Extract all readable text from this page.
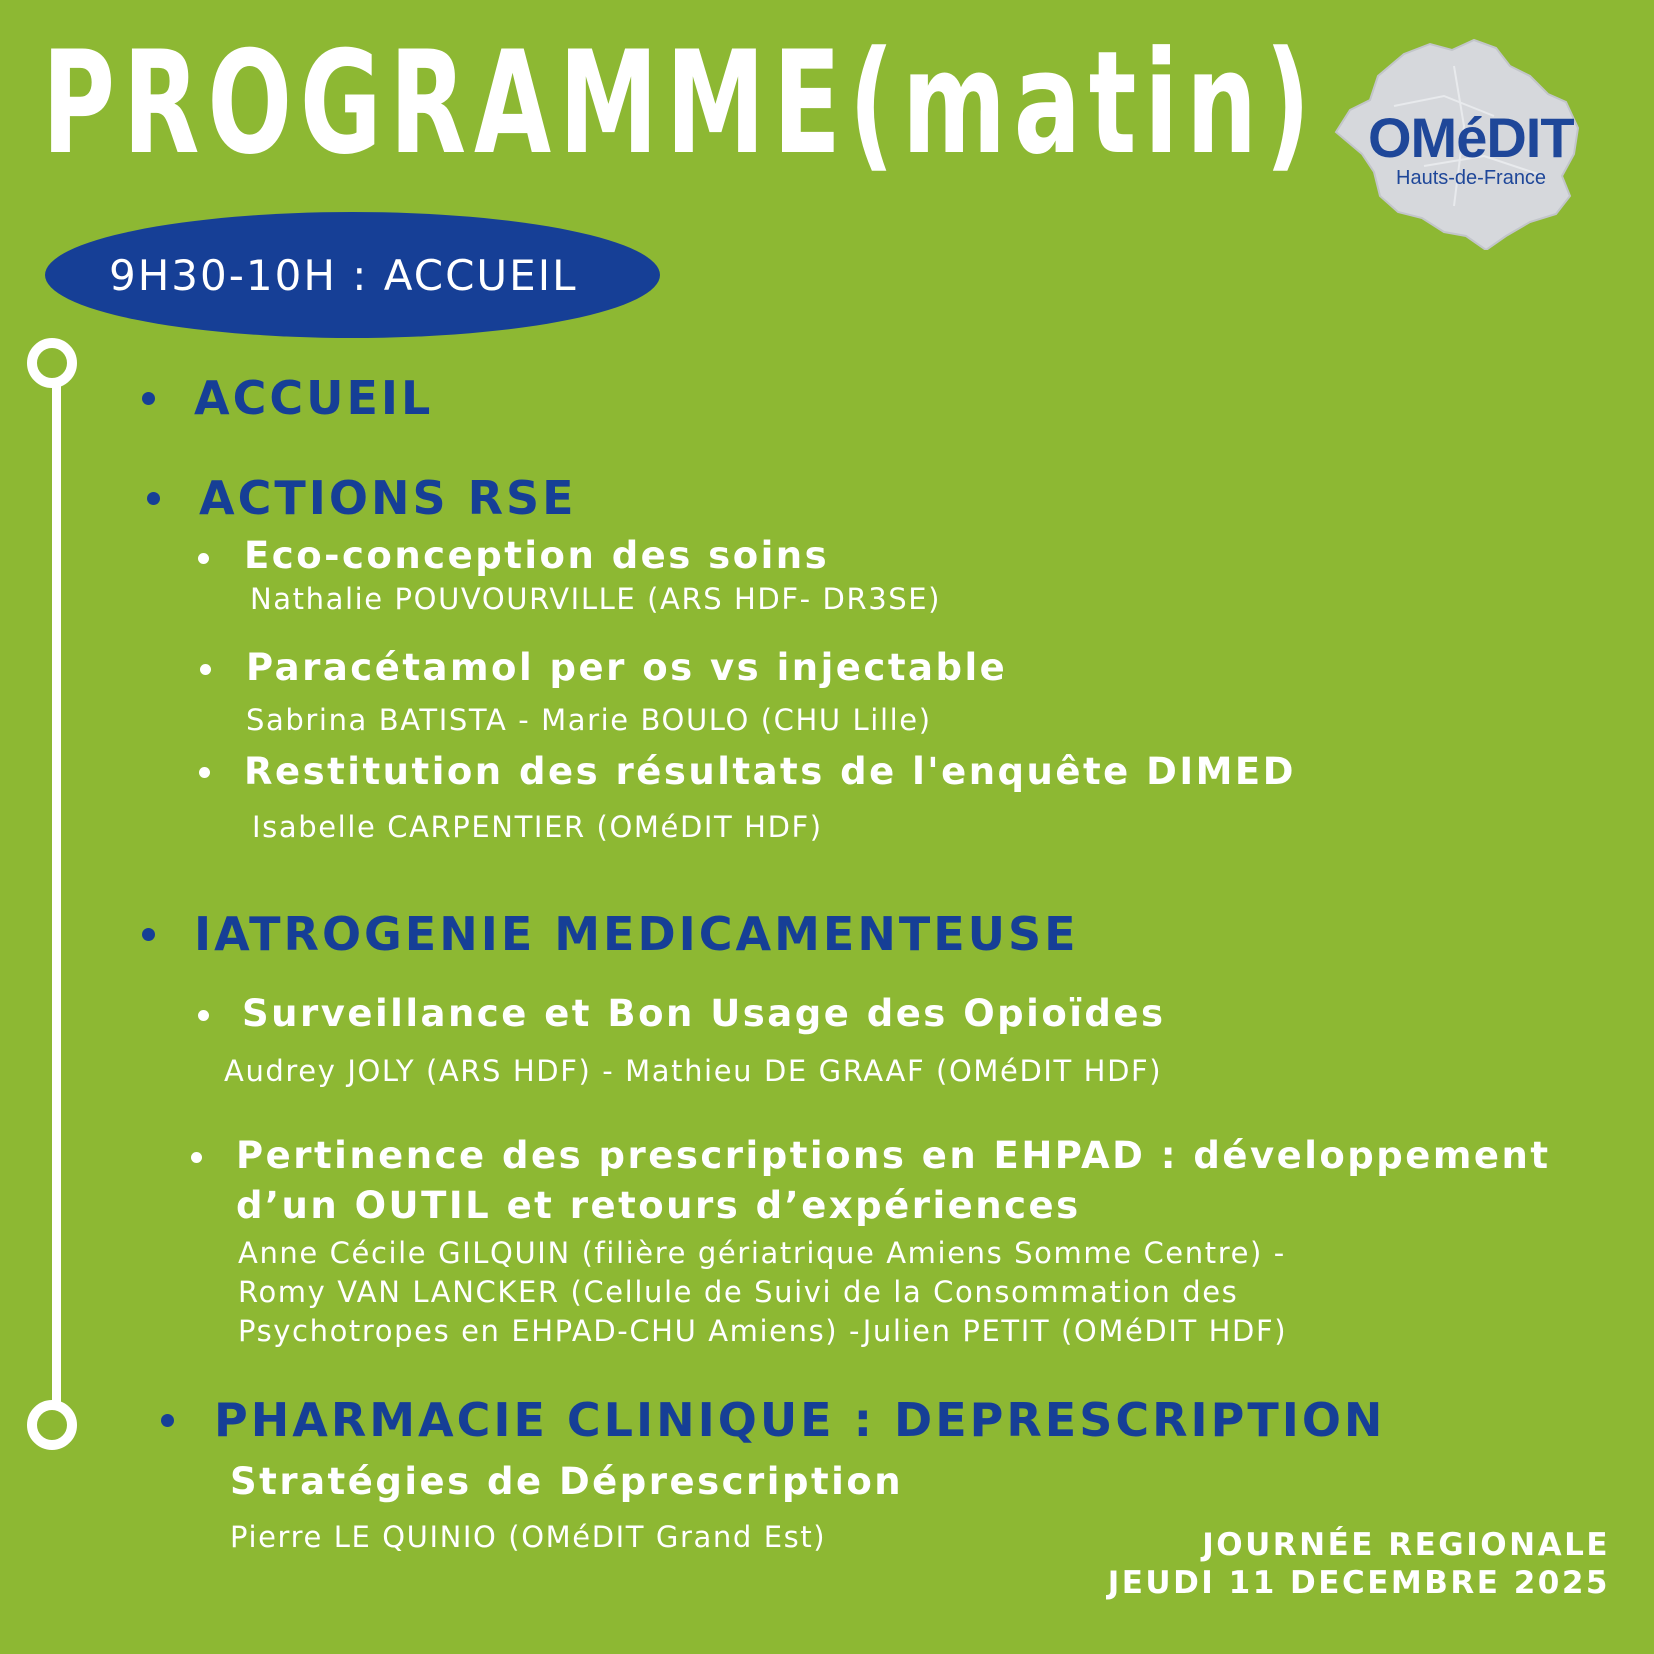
PROGRAMME(matin) OMéDIT
Hauts-de-France
9H30-10H : ACCUEIL
ACCUEIL
ACTIONS RSE
Eco-conception des soins
Nathalie POUVOURVILLE (ARS HDF- DR3SE)
Paracétamol per os vs injectable
Sabrina BATISTA - Marie BOULO (CHU Lille)
Restitution des résultats de l'enquête DIMED
Isabelle CARPENTIER (OMéDIT HDF)
IATROGENIE MEDICAMENTEUSE
Surveillance et Bon Usage des Opioïdes
Audrey JOLY (ARS HDF) - Mathieu DE GRAAF (OMéDIT HDF)
Pertinence des prescriptions en EHPAD : développement
d’un OUTIL et retours d’expériences
Anne Cécile GILQUIN (filière gériatrique Amiens Somme Centre) -
Romy VAN LANCKER (Cellule de Suivi de la Consommation des
Psychotropes en EHPAD-CHU Amiens) -Julien PETIT (OMéDIT HDF)
PHARMACIE CLINIQUE : DEPRESCRIPTION
Stratégies de Déprescription
Pierre LE QUINIO (OMéDIT Grand Est)	JOURNÉE REGIONALE
JEUDI 11 DECEMBRE 2025
